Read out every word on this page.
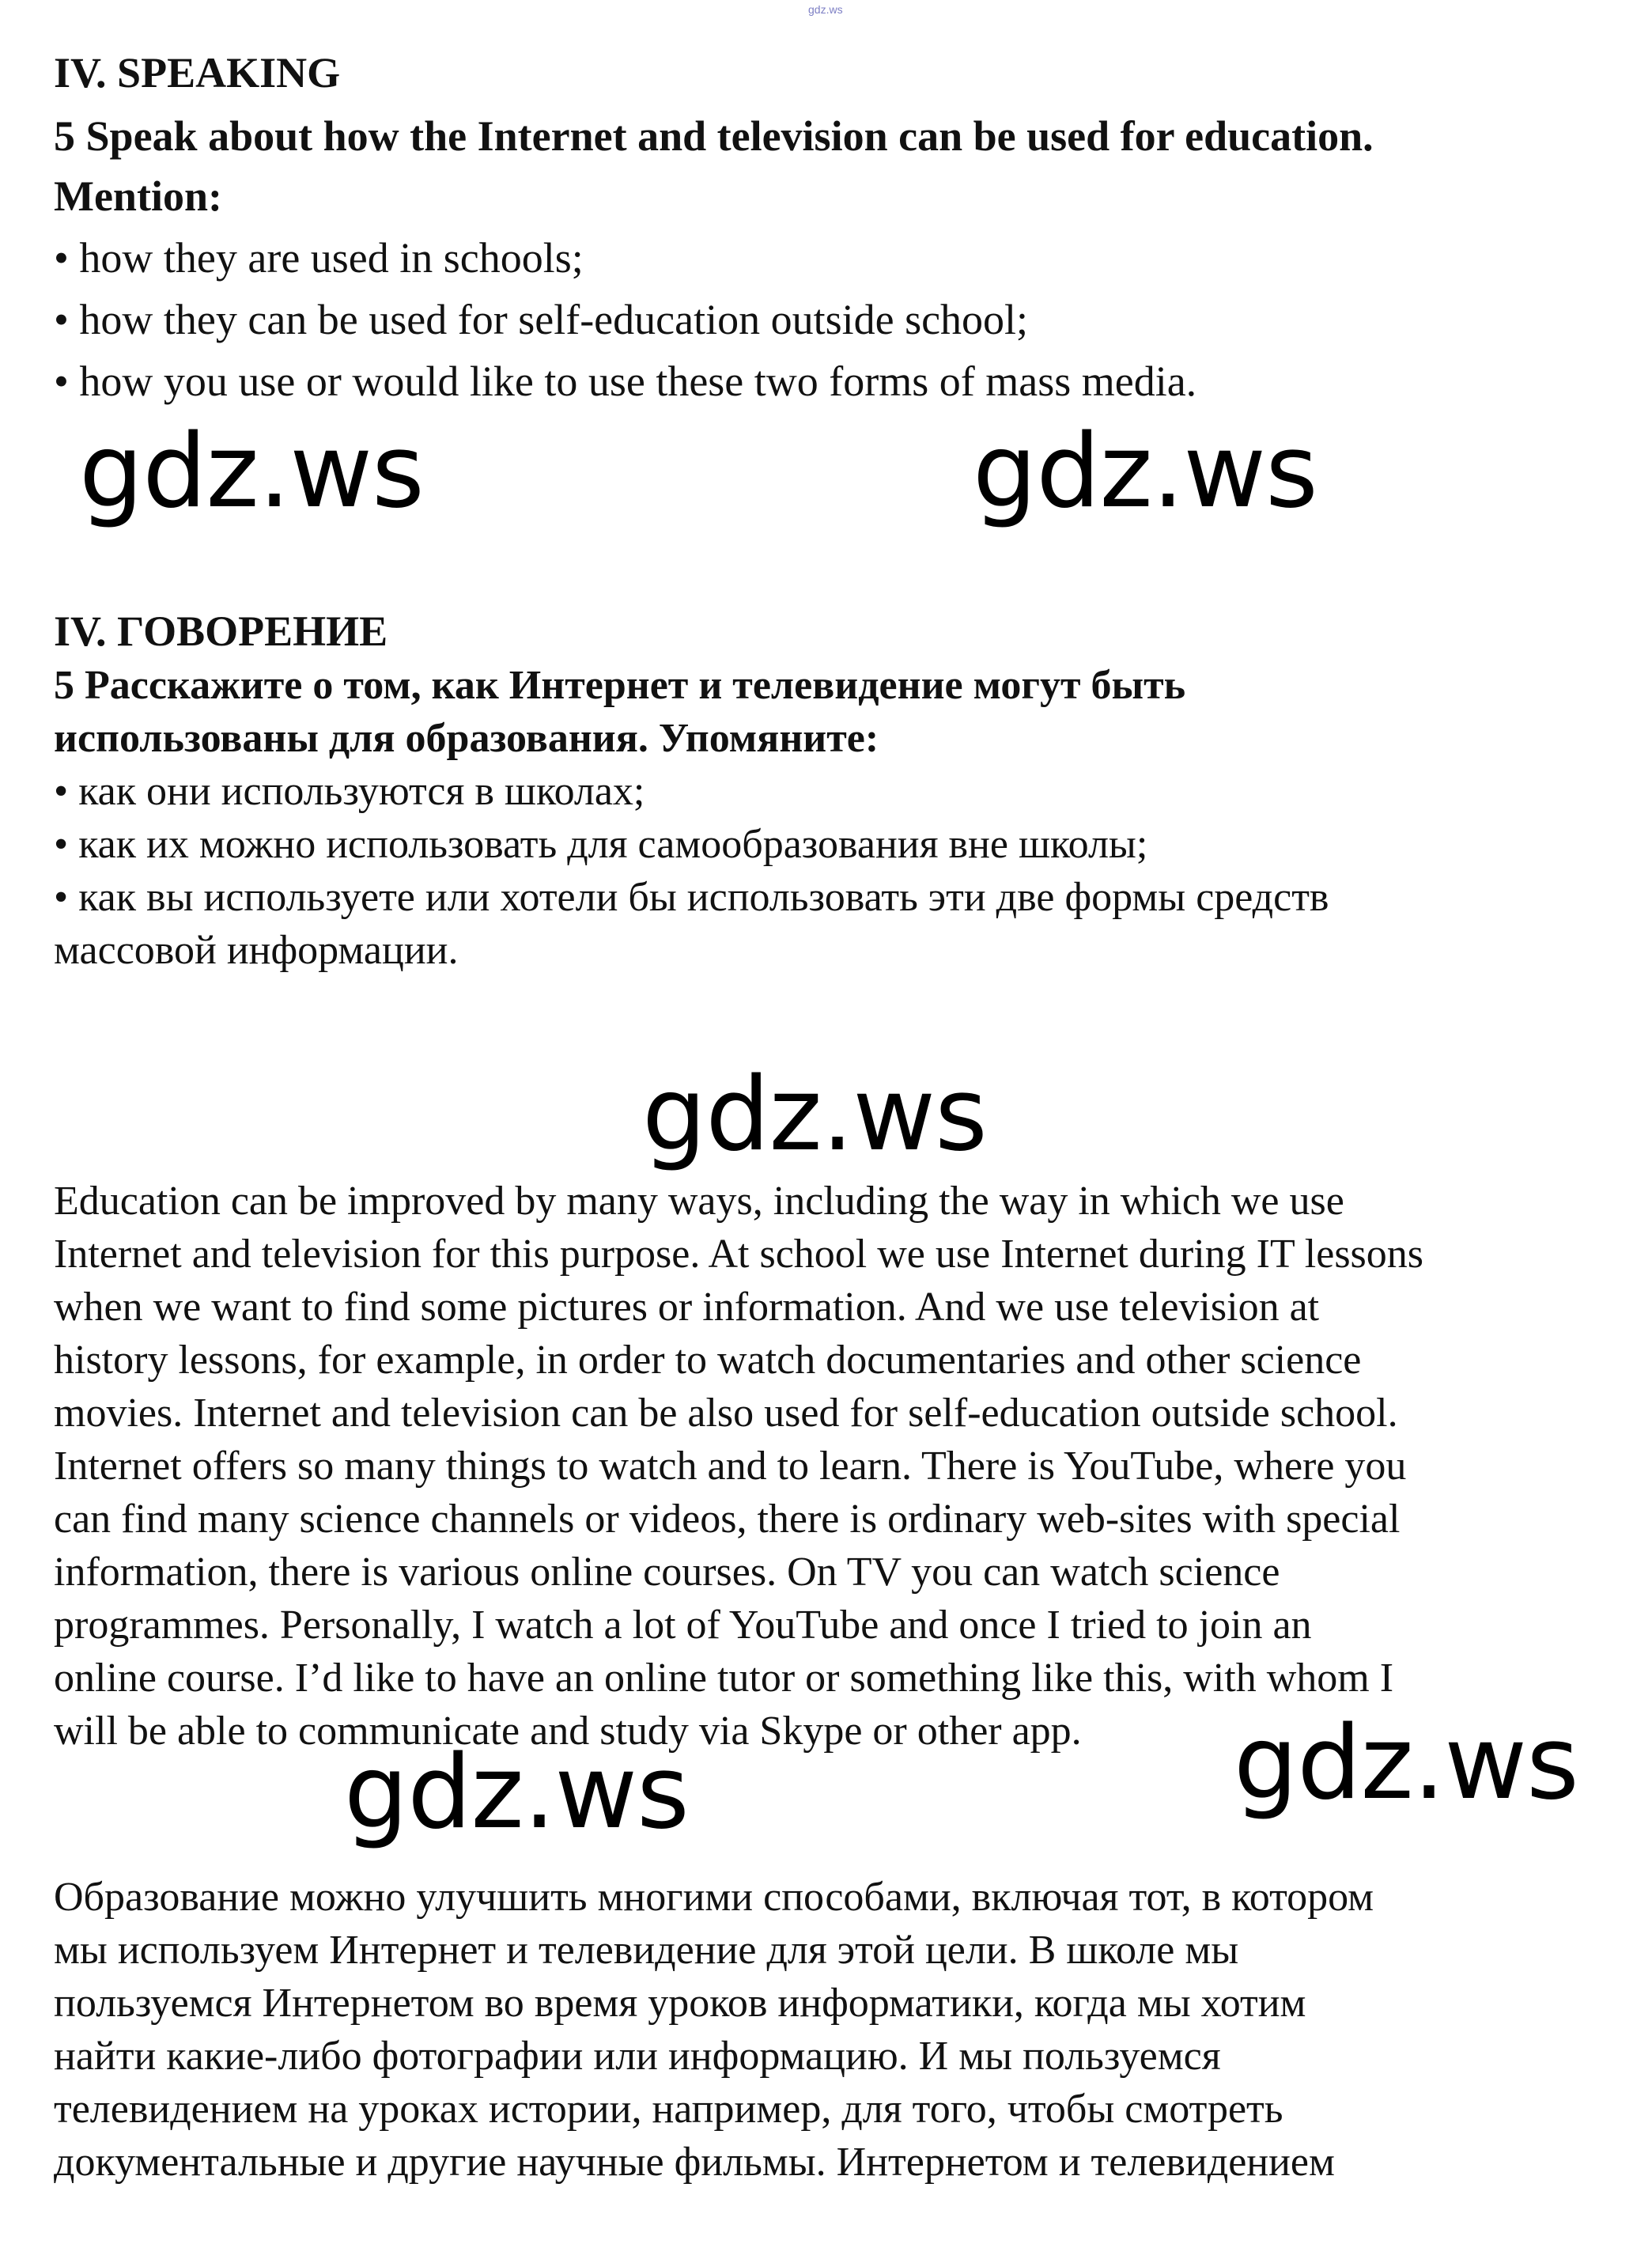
gdz.ws
IV. SPEAKING
5 Speak about how the Internet and television can be used for education.
Mention:
• how they are used in schools;
• how they can be used for self-education outside school;
• how you use or would like to use these two forms of mass media.
gdz.ws	gdz.ws
IV. ГОВОРЕНИЕ
5 Расскажите о том, как Интернет и телевидение могут быть
использованы для образования. Упомяните:
• как они используются в школах;
• как их можно использовать для самообразования вне школы;
• как вы используете или хотели бы использовать эти две формы средств
массовой информации.
gdz.ws
Education can be improved by many ways, including the way in which we use
Internet and television for this purpose. At school we use Internet during IT lessons
when we want to find some pictures or information. And we use television at
history lessons, for example, in order to watch documentaries and other science
movies. Internet and television can be also used for self-education outside school.
Internet offers so many things to watch and to learn. There is YouTube, where you
can find many science channels or videos, there is ordinary web-sites with special
information, there is various online courses. On TV you can watch science
programmes. Personally, I watch a lot of YouTube and once I tried to join an
online course. I’d like to have an online tutor or something like this, with whom I
will be able to communicate and study via Skype or other app.	gdz.ws
gdz.ws
Образование можно улучшить многими способами, включая тот, в котором
мы используем Интернет и телевидение для этой цели. В школе мы
пользуемся Интернетом во время уроков информатики, когда мы хотим
найти какие-либо фотографии или информацию. И мы пользуемся
телевидением на уроках истории, например, для того, чтобы смотреть
документальные и другие научные фильмы. Интернетом и телевидением
